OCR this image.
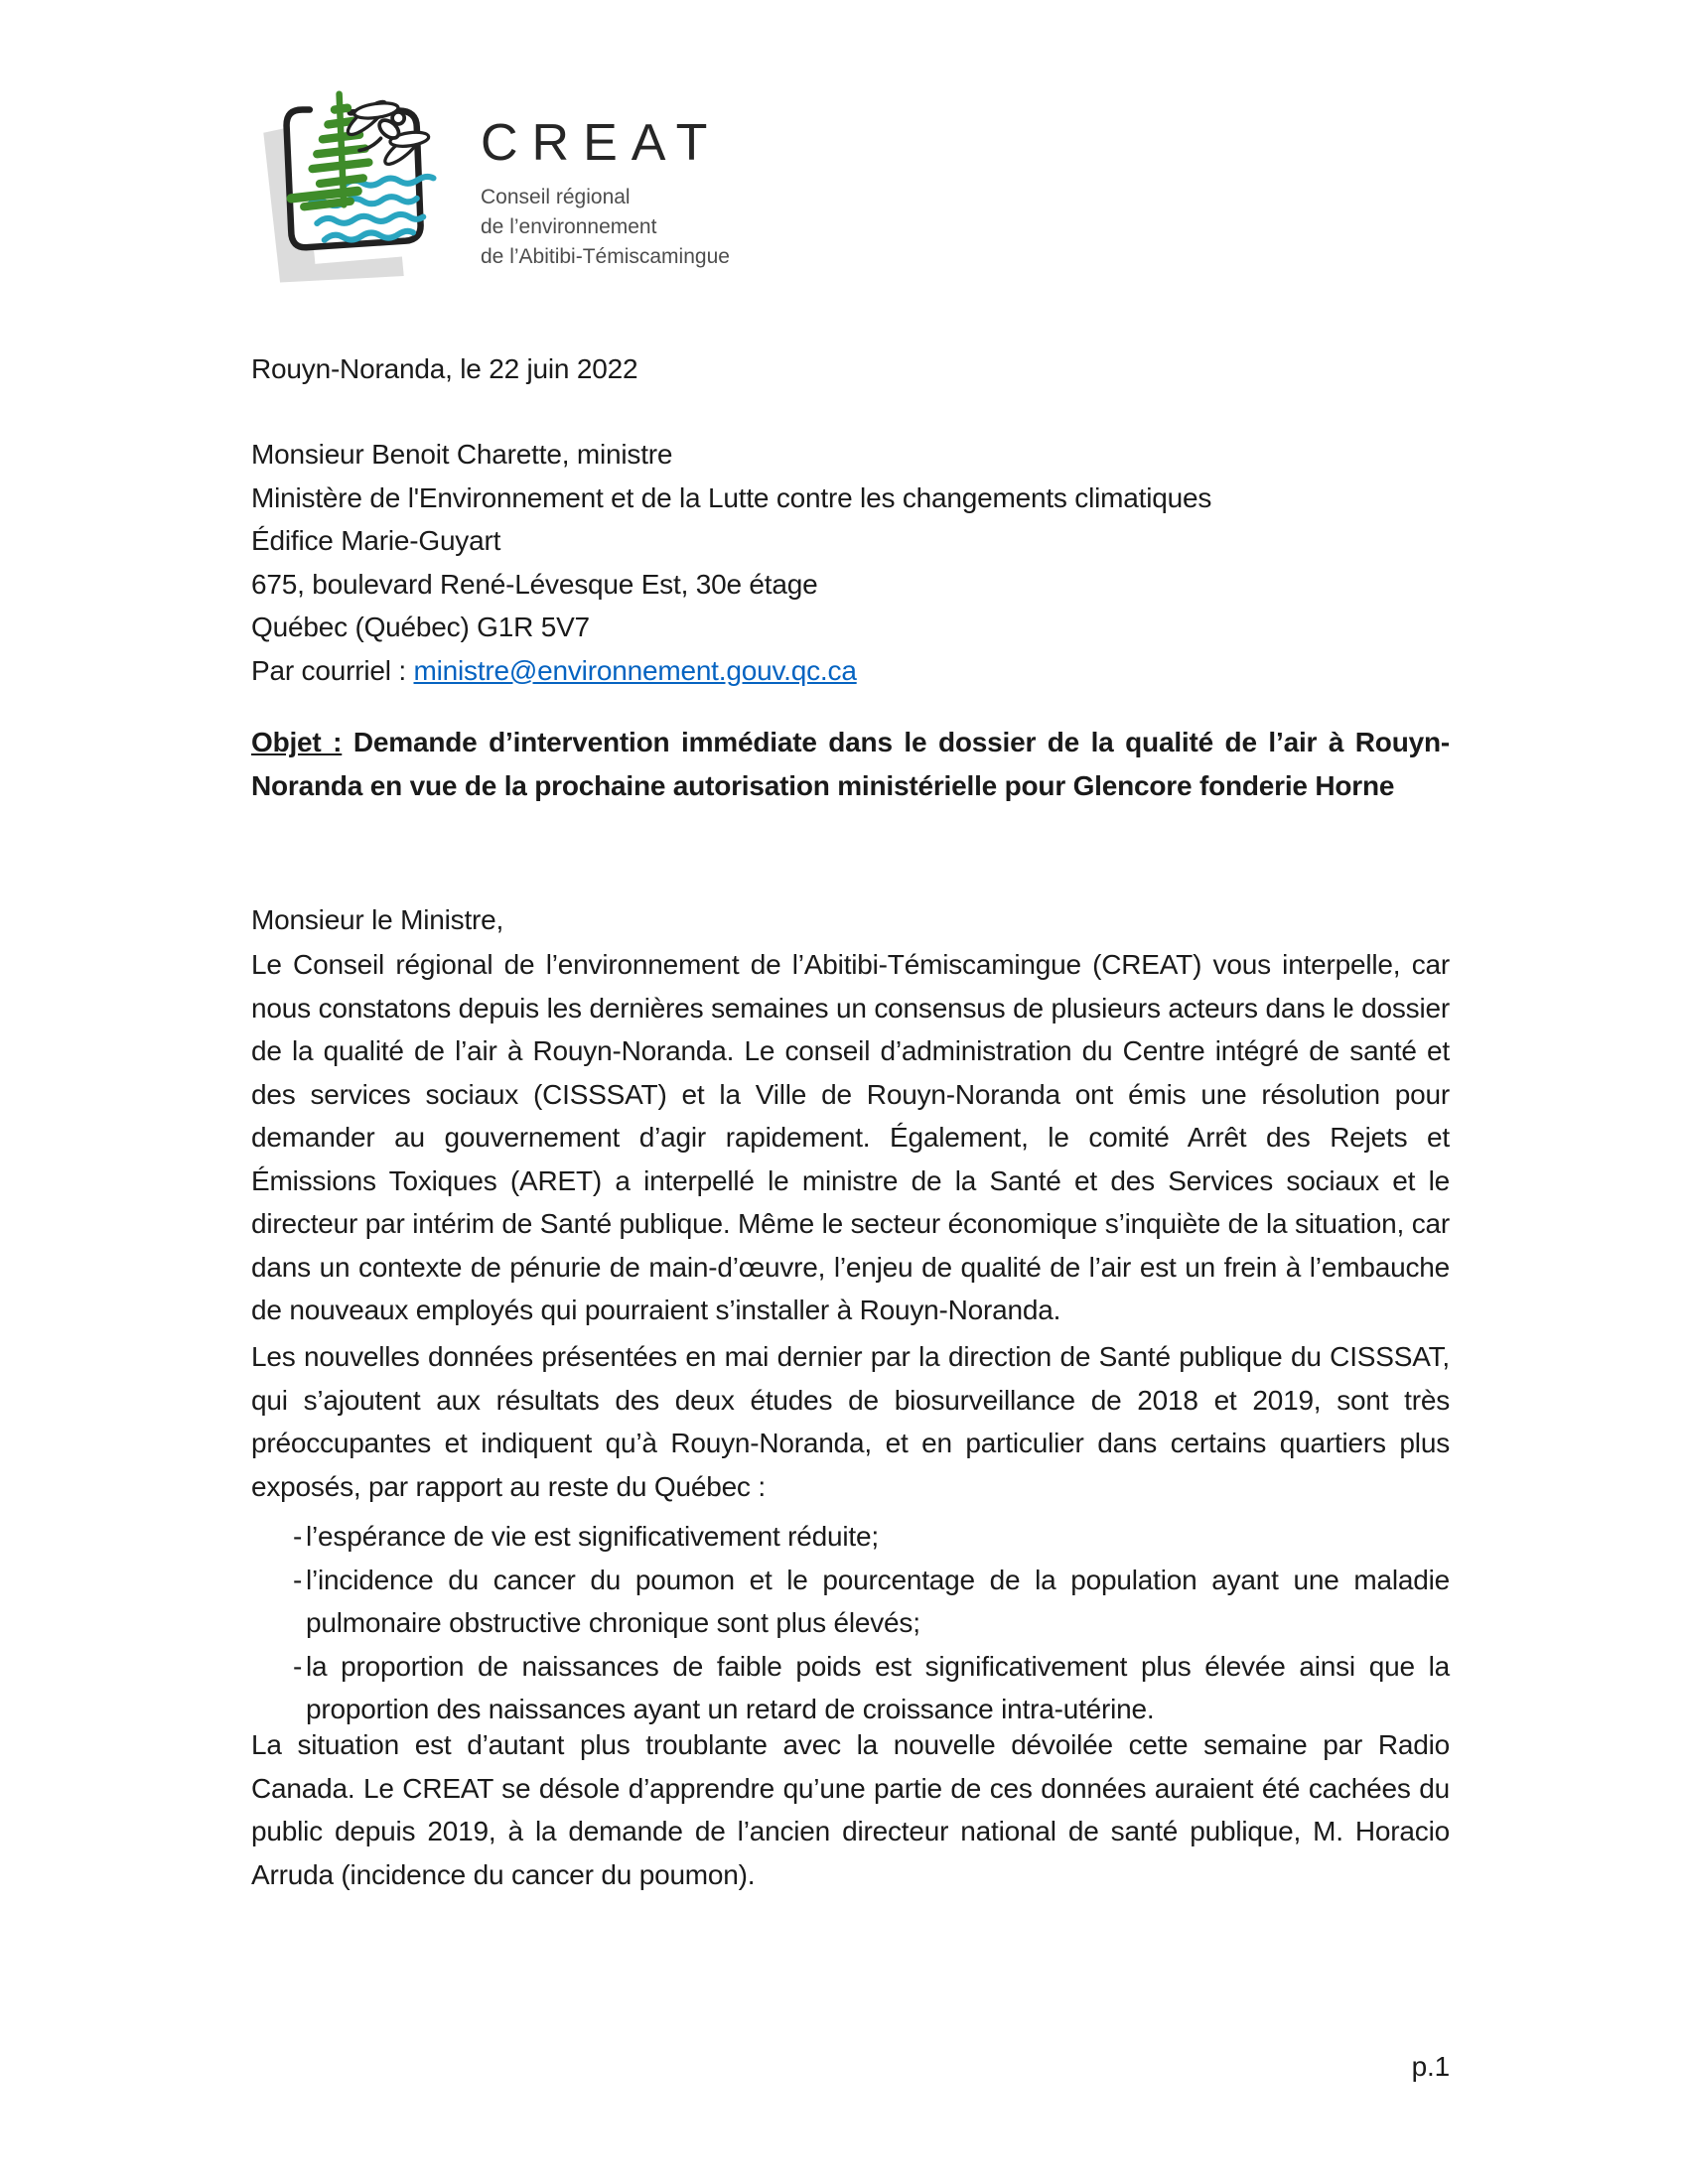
CREAT
Conseil régional
de l’environnement
de l’Abitibi-Témiscamingue
Rouyn-Noranda, le 22 juin 2022
Monsieur Benoit Charette, ministre
Ministère de l'Environnement et de la Lutte contre les changements climatiques
Édifice Marie-Guyart
675, boulevard René-Lévesque Est, 30e étage
Québec (Québec) G1R 5V7
Par courriel : ministre@environnement.gouv.qc.ca
Objet : Demande d’intervention immédiate dans le dossier de la qualité de l’air à Rouyn-Noranda en vue de la prochaine autorisation ministérielle pour Glencore fonderie Horne
Monsieur le Ministre,
Le Conseil régional de l’environnement de l’Abitibi-Témiscamingue (CREAT) vous interpelle, car nous constatons depuis les dernières semaines un consensus de plusieurs acteurs dans le dossier de la qualité de l’air à Rouyn-Noranda. Le conseil d’administration du Centre intégré de santé et des services sociaux (CISSSAT) et la Ville de Rouyn-Noranda ont émis une résolution pour demander au gouvernement d’agir rapidement. Également, le comité Arrêt des Rejets et Émissions Toxiques (ARET) a interpellé le ministre de la Santé et des Services sociaux et le directeur par intérim de Santé publique. Même le secteur économique s’inquiète de la situation, car dans un contexte de pénurie de main-d’œuvre, l’enjeu de qualité de l’air est un frein à l’embauche de nouveaux employés qui pourraient s’installer à Rouyn-Noranda.
Les nouvelles données présentées en mai dernier par la direction de Santé publique du CISSSAT, qui s’ajoutent aux résultats des deux études de biosurveillance de 2018 et 2019, sont très préoccupantes et indiquent qu’à Rouyn-Noranda, et en particulier dans certains quartiers plus exposés, par rapport au reste du Québec :
- l’espérance de vie est significativement réduite;
- l’incidence du cancer du poumon et le pourcentage de la population ayant une maladie pulmonaire obstructive chronique sont plus élevés;
- la proportion de naissances de faible poids est significativement plus élevée ainsi que la proportion des naissances ayant un retard de croissance intra-utérine.
La situation est d’autant plus troublante avec la nouvelle dévoilée cette semaine par Radio Canada. Le CREAT se désole d’apprendre qu’une partie de ces données auraient été cachées du public depuis 2019, à la demande de l’ancien directeur national de santé publique, M. Horacio Arruda (incidence du cancer du poumon).
p.1
